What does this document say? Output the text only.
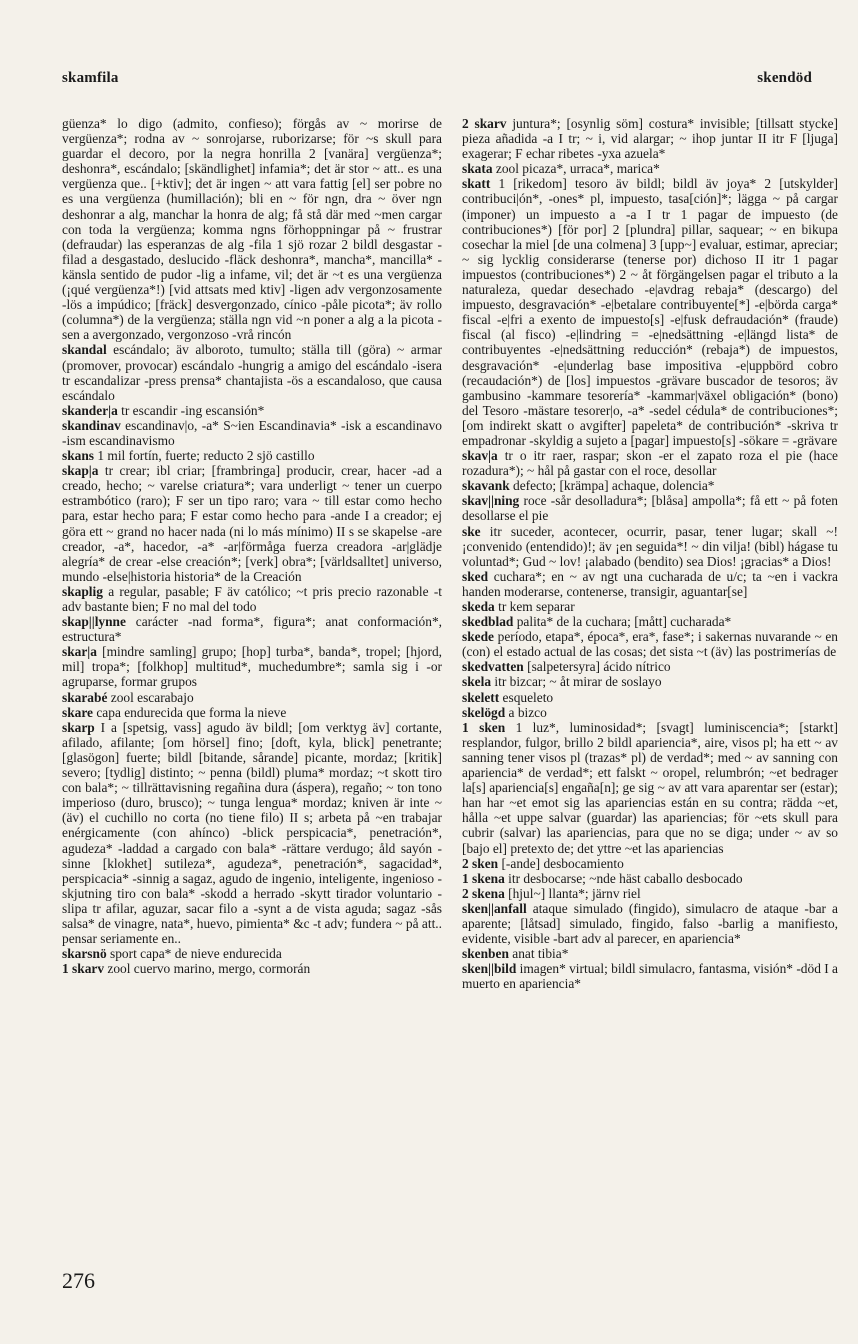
skamfila	skendöd
güenza* lo digo (admito, confieso); förgås av ~ morirse de vergüenza*; rodna av ~ sonrojarse, ruborizarse; för ~s skull para guardar el decoro, por la negra honrilla 2 [vanära] vergüenza*; deshonra*, escándalo; [skändlighet] infamia*; det är stor ~ att.. es una vergüenza que.. [+ktiv]; det är ingen ~ att vara fattig [el] ser pobre no es una vergüenza (humillación); bli en ~ för ngn, dra ~ över ngn deshonrar a alg, manchar la honra de alg; få stå där med ~men cargar con toda la vergüenza; komma ngns förhoppningar på ~ frustrar (defraudar) las esperanzas de alg -fila 1 sjö rozar 2 bildl desgastar -filad a desgastado, deslucido -fläck deshonra*, mancha*, mancilla* -känsla sentido de pudor -lig a infame, vil; det är ~t es una vergüenza (¡qué vergüenza*!) [vid attsats med ktiv] -ligen adv vergonzosamente -lös a impúdico; [fräck] desvergonzado, cínico -påle picota*; äv rollo (columna*) de la vergüenza; ställa ngn vid ~n poner a alg a la picota -sen a avergonzado, vergonzoso -vrå rincón
skandal escándalo; äv alboroto, tumulto; ställa till (göra) ~ armar (promover, provocar) escándalo -hungrig a amigo del escándalo -isera tr escandalizar -press prensa* chantajista -ös a escandaloso, que causa escándalo
skander|a tr escandir -ing escansión*
skandinav escandinav|o, -a* S~ien Escandinavia* -isk a escandinavo -ism escandinavismo
skans 1 mil fortín, fuerte; reducto 2 sjö castillo
skap|a tr crear; ibl criar; [frambringa] producir, crear, hacer -ad a creado, hecho; ~ varelse criatura*; vara underligt ~ tener un cuerpo estrambótico (raro); F ser un tipo raro; vara ~ till estar como hecho para, estar hecho para; F estar como hecho para -ande I a creador; ej göra ett ~ grand no hacer nada (ni lo más mínimo) II s se skapelse -are creador, -a*, hacedor, -a* -ar|förmåga fuerza creadora -ar|glädje alegría* de crear -else creación*; [verk] obra*; [världsalltet] universo, mundo -else|historia historia* de la Creación
skaplig a regular, pasable; F äv católico; ~t pris precio razonable -t adv bastante bien; F no mal del todo
skap||lynne carácter -nad forma*, figura*; anat conformación*, estructura*
skar|a [mindre samling] grupo; [hop] turba*, banda*, tropel; [hjord, mil] tropa*; [folkhop] multitud*, muchedumbre*; samla sig i -or agruparse, formar grupos
skarabé zool escarabajo
skare capa endurecida que forma la nieve
skarp I a [spetsig, vass] agudo äv bildl; [om verktyg äv] cortante, afilado, afilante; [om hörsel] fino; [doft, kyla, blick] penetrante; [glasögon] fuerte; bildl [bitande, sårande] picante, mordaz; [kritik] severo; [tydlig] distinto; ~ penna (bildl) pluma* mordaz; ~t skott tiro con bala*; ~ tillrättavisning regañina dura (áspera), regaño; ~ ton tono imperioso (duro, brusco); ~ tunga lengua* mordaz; kniven är inte ~ (äv) el cuchillo no corta (no tiene filo) II s; arbeta på ~en trabajar enérgicamente (con ahínco) -blick perspicacia*, penetración*, agudeza* -laddad a cargado con bala* -rättare verdugo; åld sayón -sinne [klokhet] sutileza*, agudeza*, penetración*, sagacidad*, perspicacia* -sinnig a sagaz, agudo de ingenio, inteligente, ingenioso -skjutning tiro con bala* -skodd a herrado -skytt tirador voluntario -slipa tr afilar, aguzar, sacar filo a -synt a de vista aguda; sagaz -sås salsa* de vinagre, nata*, huevo, pimienta* &c -t adv; fundera ~ på att.. pensar seriamente en..
skarsnö sport capa* de nieve endurecida
1 skarv zool cuervo marino, mergo, cormorán
2 skarv juntura*; [osynlig söm] costura* invisible; [tillsatt stycke] pieza añadida -a I tr; ~ i, vid alargar; ~ ihop juntar II itr F [ljuga] exagerar; F echar ribetes -yxa azuela*
skata zool picaza*, urraca*, marica*
skatt 1 [rikedom] tesoro äv bildl; bildl äv joya* 2 [utskylder] contribuci|ón*, -ones* pl, impuesto, tasa[ción]*; lägga ~ på cargar (imponer) un impuesto a -a I tr 1 pagar de impuesto (de contribuciones*) [för por] 2 [plundra] pillar, saquear; ~ en bikupa cosechar la miel [de una colmena] 3 [upp~] evaluar, estimar, apreciar; ~ sig lycklig considerarse (tenerse por) dichoso II itr 1 pagar impuestos (contribuciones*) 2 ~ åt förgängelsen pagar el tributo a la naturaleza, quedar desechado -e|avdrag rebaja* (descargo) del impuesto, desgravación* -e|betalare contribuyente[*] -e|börda carga* fiscal -e|fri a exento de impuesto[s] -e|fusk defraudación* (fraude) fiscal (al fisco) -e|lindring = -e|nedsättning -e|längd lista* de contribuyentes -e|nedsättning reducción* (rebaja*) de impuestos, desgravación* -e|underlag base impositiva -e|uppbörd cobro (recaudación*) de [los] impuestos -grävare buscador de tesoros; äv gambusino -kammare tesorería* -kammar|växel obligación* (bono) del Tesoro -mästare tesorer|o, -a* -sedel cédula* de contribuciones*; [om indirekt skatt o avgifter] papeleta* de contribución* -skriva tr empadronar -skyldig a sujeto a [pagar] impuesto[s] -sökare = -grävare
skav|a tr o itr raer, raspar; skon -er el zapato roza el pie (hace rozadura*); ~ hål på gastar con el roce, desollar
skavank defecto; [krämpa] achaque, dolencia*
skav||ning roce -sår desolladura*; [blåsa] ampolla*; få ett ~ på foten desollarse el pie
ske itr suceder, acontecer, ocurrir, pasar, tener lugar; skall ~! ¡convenido (entendido)!; äv ¡en seguida*! ~ din vilja! (bibl) hágase tu voluntad*; Gud ~ lov! ¡alabado (bendito) sea Dios! ¡gracias* a Dios!
sked cuchara*; en ~ av ngt una cucharada de u/c; ta ~en i vackra handen moderarse, contenerse, transigir, aguantar[se]
skeda tr kem separar
skedblad palita* de la cuchara; [mått] cucharada*
skede período, etapa*, época*, era*, fase*; i sakernas nuvarande ~ en (con) el estado actual de las cosas; det sista ~t (äv) las postrimerías de
skedvatten [salpetersyra] ácido nítrico
skela itr bizcar; ~ åt mirar de soslayo
skelett esqueleto
skelögd a bizco
1 sken 1 luz*, luminosidad*; [svagt] luminiscencia*; [starkt] resplandor, fulgor, brillo 2 bildl apariencia*, aire, visos pl; ha ett ~ av sanning tener visos pl (trazas* pl) de verdad*; med ~ av sanning con apariencia* de verdad*; ett falskt ~ oropel, relumbrón; ~et bedrager la[s] apariencia[s] engaña[n]; ge sig ~ av att vara aparentar ser (estar); han har ~et emot sig las apariencias están en su contra; rädda ~et, hålla ~et uppe salvar (guardar) las apariencias; för ~ets skull para cubrir (salvar) las apariencias, para que no se diga; under ~ av so [bajo el] pretexto de; det yttre ~et las apariencias
2 sken [-ande] desbocamiento
1 skena itr desbocarse; ~nde häst caballo desbocado
2 skena [hjul~] llanta*; järnv riel
sken||anfall ataque simulado (fingido), simulacro de ataque -bar a aparente; [låtsad] simulado, fingido, falso -barlig a manifiesto, evidente, visible -bart adv al parecer, en apariencia*
skenben anat tibia*
sken||bild imagen* virtual; bildl simulacro, fantasma, visión* -död I a muerto en apariencia*
276
